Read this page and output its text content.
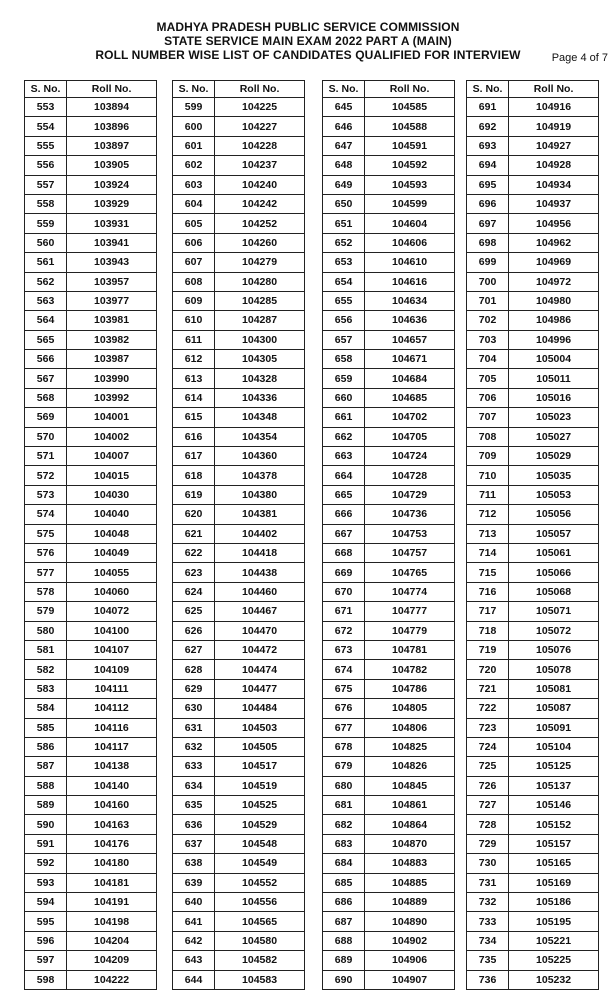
MADHYA PRADESH PUBLIC SERVICE COMMISSION
STATE SERVICE MAIN EXAM 2022 PART A (MAIN)
ROLL NUMBER WISE LIST OF CANDIDATES QUALIFIED FOR INTERVIEW	Page 4 of 7
S. No.	Roll No.
553	103894
554	103896
555	103897
556	103905
557	103924
558	103929
559	103931
560	103941
561	103943
562	103957
563	103977
564	103981
565	103982
566	103987
567	103990
568	103992
569	104001
570	104002
571	104007
572	104015
573	104030
574	104040
575	104048
576	104049
577	104055
578	104060
579	104072
580	104100
581	104107
582	104109
583	104111
584	104112
585	104116
586	104117
587	104138
588	104140
589	104160
590	104163
591	104176
592	104180
593	104181
594	104191
595	104198
596	104204
597	104209
598	104222
S. No.	Roll No.
599	104225
600	104227
601	104228
602	104237
603	104240
604	104242
605	104252
606	104260
607	104279
608	104280
609	104285
610	104287
611	104300
612	104305
613	104328
614	104336
615	104348
616	104354
617	104360
618	104378
619	104380
620	104381
621	104402
622	104418
623	104438
624	104460
625	104467
626	104470
627	104472
628	104474
629	104477
630	104484
631	104503
632	104505
633	104517
634	104519
635	104525
636	104529
637	104548
638	104549
639	104552
640	104556
641	104565
642	104580
643	104582
644	104583
S. No.	Roll No.
645	104585
646	104588
647	104591
648	104592
649	104593
650	104599
651	104604
652	104606
653	104610
654	104616
655	104634
656	104636
657	104657
658	104671
659	104684
660	104685
661	104702
662	104705
663	104724
664	104728
665	104729
666	104736
667	104753
668	104757
669	104765
670	104774
671	104777
672	104779
673	104781
674	104782
675	104786
676	104805
677	104806
678	104825
679	104826
680	104845
681	104861
682	104864
683	104870
684	104883
685	104885
686	104889
687	104890
688	104902
689	104906
690	104907
S. No.	Roll No.
691	104916
692	104919
693	104927
694	104928
695	104934
696	104937
697	104956
698	104962
699	104969
700	104972
701	104980
702	104986
703	104996
704	105004
705	105011
706	105016
707	105023
708	105027
709	105029
710	105035
711	105053
712	105056
713	105057
714	105061
715	105066
716	105068
717	105071
718	105072
719	105076
720	105078
721	105081
722	105087
723	105091
724	105104
725	105125
726	105137
727	105146
728	105152
729	105157
730	105165
731	105169
732	105186
733	105195
734	105221
735	105225
736	105232
